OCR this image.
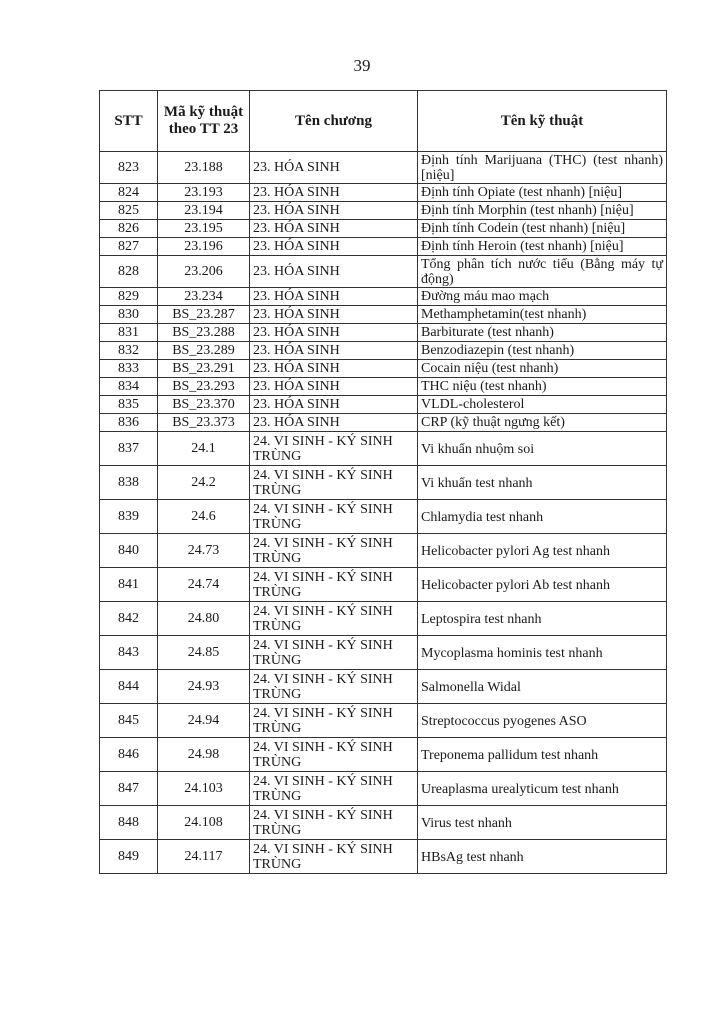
39
STT	Mã kỹ thuật theo TT 23	Tên chương	Tên kỹ thuật
823	23.188	23. HÓA SINH	Định tính Marijuana (THC) (test nhanh) [niệu]
824	23.193	23. HÓA SINH	Định tính Opiate (test nhanh) [niệu]
825	23.194	23. HÓA SINH	Định tính Morphin (test nhanh) [niệu]
826	23.195	23. HÓA SINH	Định tính Codein (test nhanh) [niệu]
827	23.196	23. HÓA SINH	Định tính Heroin (test nhanh) [niệu]
828	23.206	23. HÓA SINH	Tổng phân tích nước tiểu (Bằng máy tự động)
829	23.234	23. HÓA SINH	Đường máu mao mạch
830	BS_23.287	23. HÓA SINH	Methamphetamin(test nhanh)
831	BS_23.288	23. HÓA SINH	Barbiturate (test nhanh)
832	BS_23.289	23. HÓA SINH	Benzodiazepin (test nhanh)
833	BS_23.291	23. HÓA SINH	Cocain niệu (test nhanh)
834	BS_23.293	23. HÓA SINH	THC niệu (test nhanh)
835	BS_23.370	23. HÓA SINH	VLDL-cholesterol
836	BS_23.373	23. HÓA SINH	CRP (kỹ thuật ngưng kết)
837	24.1	24. VI SINH - KÝ SINH TRÙNG	Vi khuẩn nhuộm soi
838	24.2	24. VI SINH - KÝ SINH TRÙNG	Vi khuẩn test nhanh
839	24.6	24. VI SINH - KÝ SINH TRÙNG	Chlamydia test nhanh
840	24.73	24. VI SINH - KÝ SINH TRÙNG	Helicobacter pylori Ag test nhanh
841	24.74	24. VI SINH - KÝ SINH TRÙNG	Helicobacter pylori Ab test nhanh
842	24.80	24. VI SINH - KÝ SINH TRÙNG	Leptospira test nhanh
843	24.85	24. VI SINH - KÝ SINH TRÙNG	Mycoplasma hominis test nhanh
844	24.93	24. VI SINH - KÝ SINH TRÙNG	Salmonella Widal
845	24.94	24. VI SINH - KÝ SINH TRÙNG	Streptococcus pyogenes ASO
846	24.98	24. VI SINH - KÝ SINH TRÙNG	Treponema pallidum test nhanh
847	24.103	24. VI SINH - KÝ SINH TRÙNG	Ureaplasma urealyticum test nhanh
848	24.108	24. VI SINH - KÝ SINH TRÙNG	Virus test nhanh
849	24.117	24. VI SINH - KÝ SINH TRÙNG	HBsAg test nhanh
